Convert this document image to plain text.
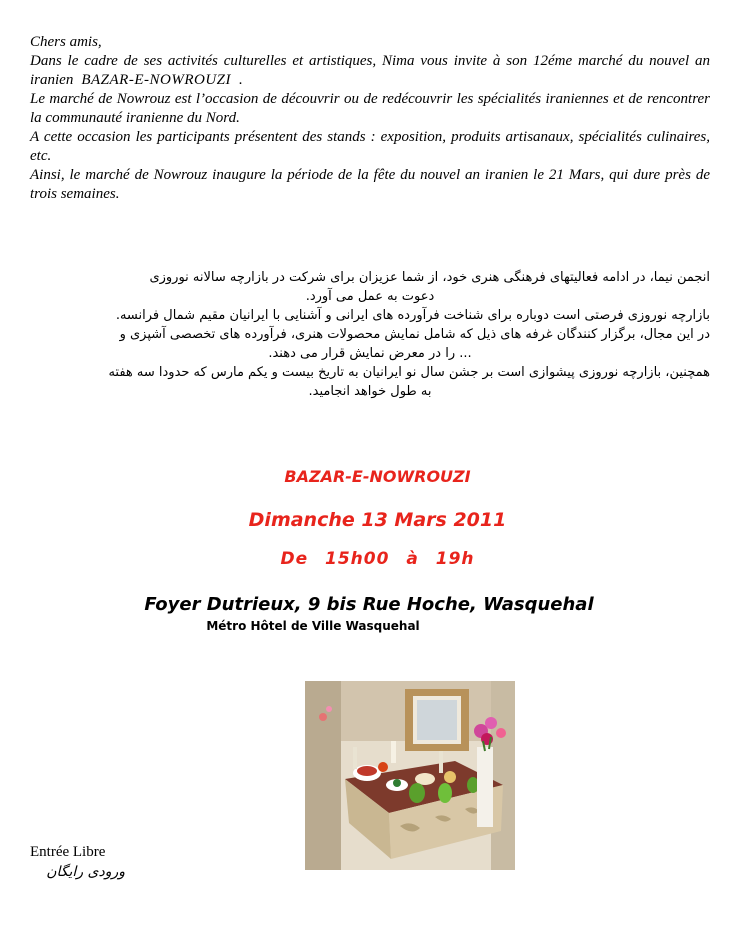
Chers amis,

Dans le cadre de ses activités culturelles et artistiques, Nima vous invite à son 12éme marché du nouvel an iranien BAZAR-E-NOWROUZI .

Le marché de Nowrouz est l’occasion de découvrir ou de redécouvrir les spécialités iraniennes et de rencontrer la communauté iranienne du Nord.

A cette occasion les participants présentent des stands : exposition, produits artisanaux, spécialités culinaires, etc.

Ainsi, le marché de Nowrouz inaugure la période de la fête du nouvel an iranien le 21 Mars, qui dure près de trois semaines.

انجمن نیما، در ادامه فعالیتهای فرهنگی هنری خود، از شما عزیزان برای شرکت در بازارچه سالانه نوروزی

دعوت به عمل می آورد.

بازارچه نوروزی فرصتی است دوباره برای شناخت فرآورده های ایرانی و آشنایی با ایرانیان مقیم شمال فرانسه.

در این مجال، برگزار کنندگان غرفه های ذیل که شامل نمایش محصولات هنری، فرآورده های تخصصی آشپزی و

... را در معرض نمایش قرار می دهند.

همچنین، بازارچه نوروزی پیشوازی است بر جشن سال نو ایرانیان به تاریخ بیست و یکم مارس که حدودا سه هفته

به طول خواهد انجامید.

BAZAR-E-NOWROUZI

Dimanche 13 Mars 2011

De 15h00 à 19h

Foyer Dutrieux, 9 bis Rue Hoche, Wasquehal

Métro Hôtel de Ville Wasquehal

Entrée Libre

ورودی رایگان
